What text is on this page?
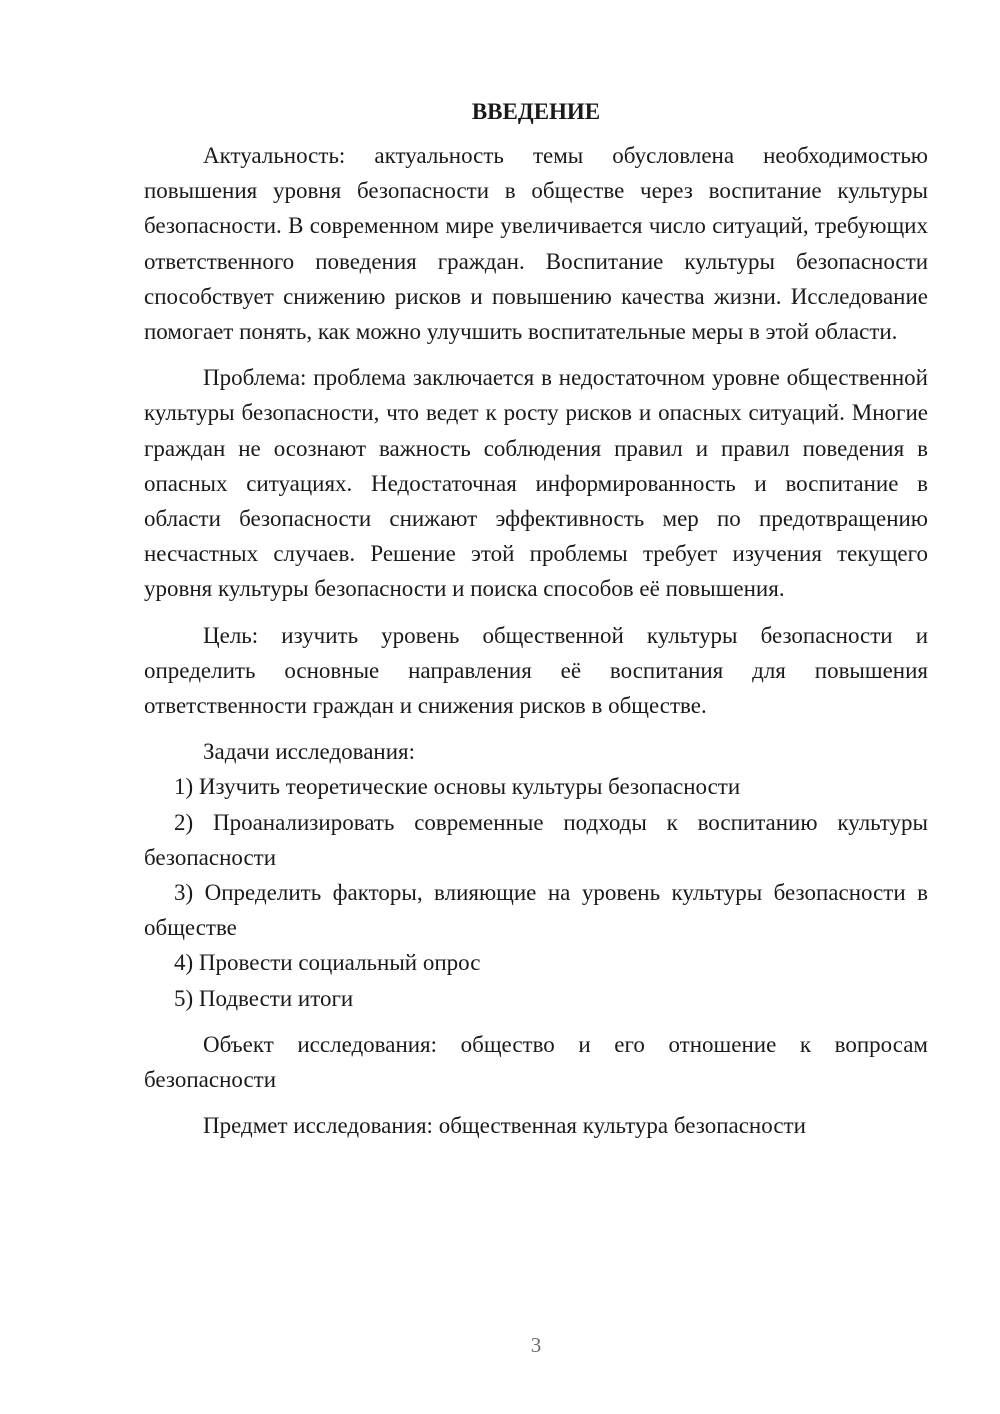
ВВЕДЕНИЕ

Актуальность: актуальность темы обусловлена необходимостью повышения уровня безопасности в обществе через воспитание культуры безопасности. В современном мире увеличивается число ситуаций, требующих ответственного поведения граждан. Воспитание культуры безопасности способствует снижению рисков и повышению качества жизни. Исследование помогает понять, как можно улучшить воспитательные меры в этой области.

Проблема: проблема заключается в недостаточном уровне общественной культуры безопасности, что ведет к росту рисков и опасных ситуаций. Многие граждан не осознают важность соблюдения правил и правил поведения в опасных ситуациях. Недостаточная информированность и воспитание в области безопасности снижают эффективность мер по предотвращению несчастных случаев. Решение этой проблемы требует изучения текущего уровня культуры безопасности и поиска способов её повышения.

Цель: изучить уровень общественной культуры безопасности и определить основные направления её воспитания для повышения ответственности граждан и снижения рисков в обществе.

Задачи исследования:

1) Изучить теоретические основы культуры безопасности

2) Проанализировать современные подходы к воспитанию культуры безопасности

3) Определить факторы, влияющие на уровень культуры безопасности в обществе

4) Провести социальный опрос

5) Подвести итоги

Объект исследования: общество и его отношение к вопросам безопасности

Предмет исследования: общественная культура безопасности

3
